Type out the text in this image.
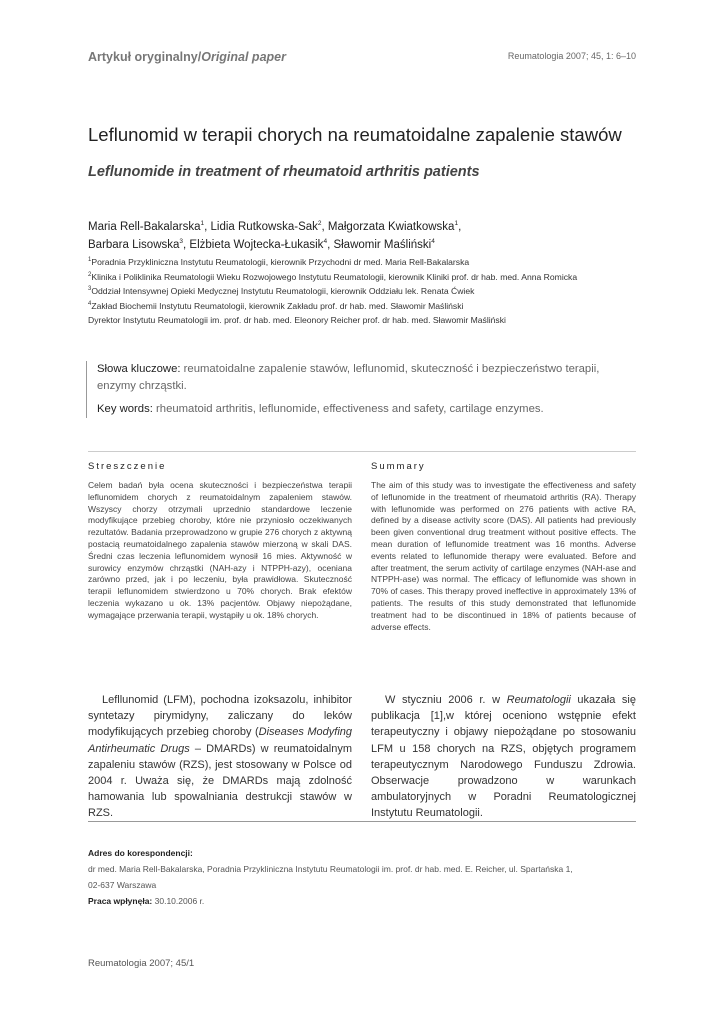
Artykuł oryginalny/Original paper	Reumatologia 2007; 45, 1: 6–10
Leflunomid w terapii chorych na reumatoidalne zapalenie stawów
Leflunomide in treatment of rheumatoid arthritis patients
Maria Rell-Bakalarska$^1$, Lidia Rutkowska-Sak$^2$, Małgorzata Kwiatkowska$^1$,
Barbara Lisowska$^3$, Elżbieta Wojtecka-Łukasik$^4$, Sławomir Maśliński$^4$
$^1$Poradnia Przykliniczna Instytutu Reumatologii, kierownik Przychodni dr med. Maria Rell-Bakalarska
$^2$Klinika i Poliklinika Reumatologii Wieku Rozwojowego Instytutu Reumatologii, kierownik Kliniki prof. dr hab. med. Anna Romicka
$^3$Oddział Intensywnej Opieki Medycznej Instytutu Reumatologii, kierownik Oddziału lek. Renata Ćwiek
$^4$Zakład Biochemii Instytutu Reumatologii, kierownik Zakładu prof. dr hab. med. Sławomir Maśliński
Dyrektor Instytutu Reumatologii im. prof. dr hab. med. Eleonory Reicher prof. dr hab. med. Sławomir Maśliński
Słowa kluczowe: reumatoidalne zapalenie stawów, leflunomid, skuteczność i bezpieczeństwo terapii, enzymy chrząstki.
Key words: rheumatoid arthritis, leflunomide, effectiveness and safety, cartilage enzymes.
Streszczenie
Celem badań była ocena skuteczności i bezpieczeństwa terapii leflunomidem chorych z reumatoidalnym zapaleniem stawów. Wszyscy chorzy otrzymali uprzednio standardowe leczenie modyfikujące przebieg choroby, które nie przyniosło oczekiwanych rezultatów. Badania przeprowadzono w grupie 276 chorych z aktywną postacią reumatoidalnego zapalenia stawów mierzoną w skali DAS. Średni czas leczenia leflunomidem wynosił 16 mies. Aktywność w surowicy enzymów chrząstki (NAH-azy i NTPPH-azy), oceniana zarówno przed, jak i po leczeniu, była prawidłowa. Skuteczność terapii leflunomidem stwierdzono u 70% chorych. Brak efektów leczenia wykazano u ok. 13% pacjentów. Objawy niepożądane, wymagające przerwania terapii, wystąpiły u ok. 18% chorych.
Summary
The aim of this study was to investigate the effectiveness and safety of leflunomide in the treatment of rheumatoid arthritis (RA). Therapy with leflunomide was performed on 276 patients with active RA, defined by a disease activity score (DAS). All patients had previously been given conventional drug treatment without positive effects. The mean duration of leflunomide treatment was 16 months. Adverse events related to leflunomide therapy were evaluated. Before and after treatment, the serum activity of cartilage enzymes (NAH-ase and NTPPH-ase) was normal. The efficacy of leflunomide was shown in 70% of cases. This therapy proved ineffective in approximately 13% of patients. The results of this study demonstrated that leflunomide treatment had to be discontinued in 18% of patients because of adverse effects.

Lefllunomid (LFM), pochodna izoksazolu, inhibitor syntetazy pirymidyny, zaliczany do leków modyfikujących przebieg choroby (Diseases Modyfing Antirheumatic Drugs – DMARDs) w reumatoidalnym zapaleniu stawów (RZS), jest stosowany w Polsce od 2004 r. Uważa się, że DMARDs mają zdolność hamowania lub spowalniania destrukcji stawów w RZS.

W styczniu 2006 r. w Reumatologii ukazała się publikacja [1],w której oceniono wstępnie efekt terapeutyczny i objawy niepożądane po stosowaniu LFM u 158 chorych na RZS, objętych programem terapeutycznym Narodowego Funduszu Zdrowia. Obserwacje prowadzono w warunkach ambulatoryjnych w Poradni Reumatologicznej Instytutu Reumatologii.

Adres do korespondencji:
dr med. Maria Rell-Bakalarska, Poradnia Przykliniczna Instytutu Reumatologii im. prof. dr hab. med. E. Reicher, ul. Spartańska 1,
02-637 Warszawa
Praca wpłynęła: 30.10.2006 r.
Reumatologia 2007; 45/1
